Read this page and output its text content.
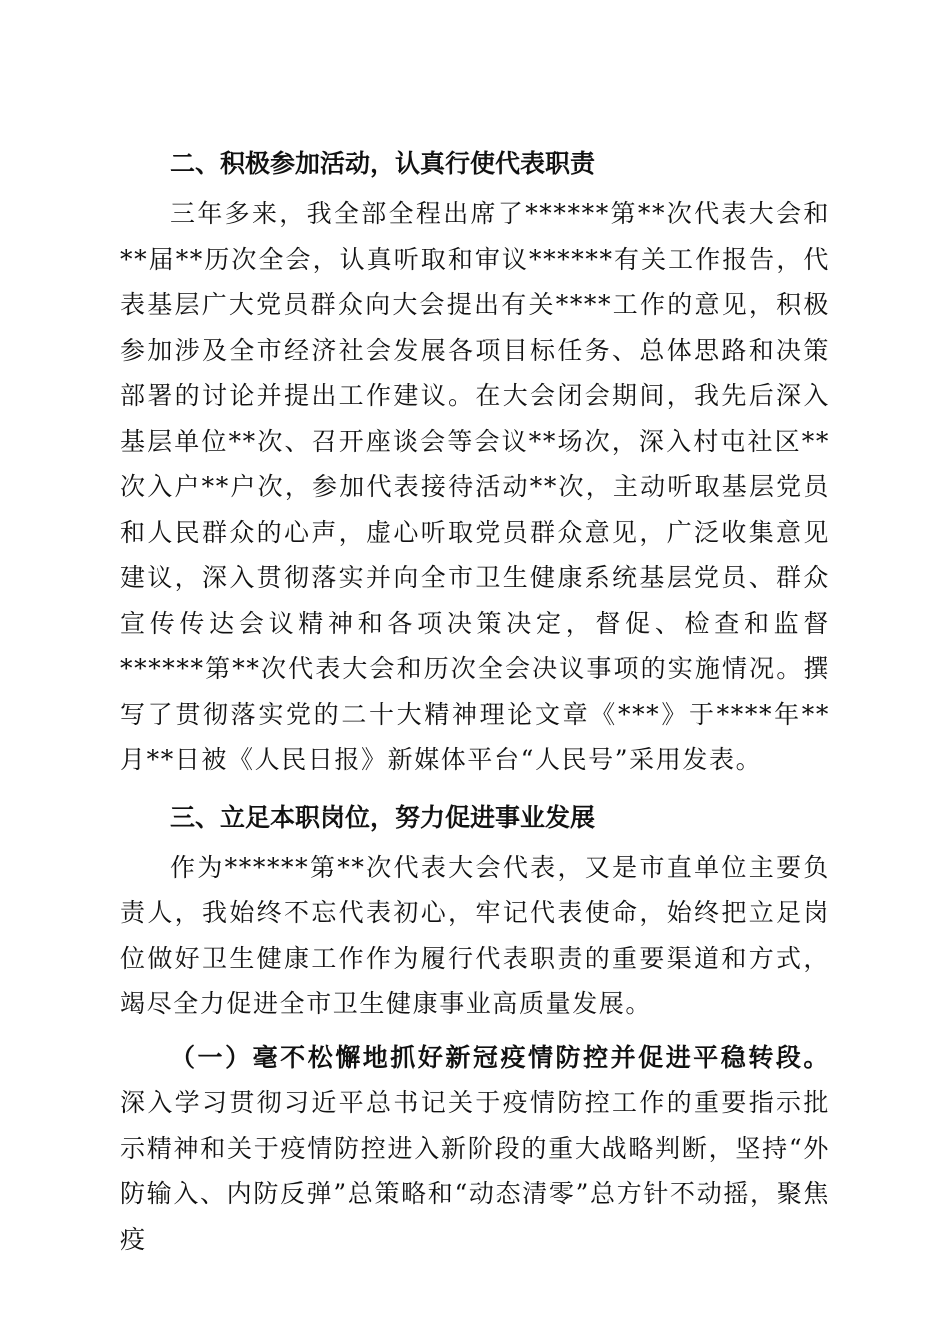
二、积极参加活动，认真行使代表职责

三年多来，我全部全程出席了******第**次代表大会和**届**历次全会，认真听取和审议******有关工作报告，代表基层广大党员群众向大会提出有关****工作的意见，积极参加涉及全市经济社会发展各项目标任务、总体思路和决策部署的讨论并提出工作建议。在大会闭会期间，我先后深入基层单位**次、召开座谈会等会议**场次，深入村屯社区**次入户**户次，参加代表接待活动**次，主动听取基层党员和人民群众的心声，虚心听取党员群众意见，广泛收集意见建议，深入贯彻落实并向全市卫生健康系统基层党员、群众宣传传达会议精神和各项决策决定，督促、检查和监督******第**次代表大会和历次全会决议事项的实施情况。撰写了贯彻落实党的二十大精神理论文章《***》于****年**月**日被《人民日报》新媒体平台“人民号”采用发表。

三、立足本职岗位，努力促进事业发展

作为******第**次代表大会代表，又是市直单位主要负责人，我始终不忘代表初心，牢记代表使命，始终把立足岗位做好卫生健康工作作为履行代表职责的重要渠道和方式，竭尽全力促进全市卫生健康事业高质量发展。

（一）毫不松懈地抓好新冠疫情防控并促进平稳转段。深入学习贯彻习近平总书记关于疫情防控工作的重要指示批示精神和关于疫情防控进入新阶段的重大战略判断，坚持“外防输入、内防反弹”总策略和“动态清零”总方针不动摇，聚焦疫
